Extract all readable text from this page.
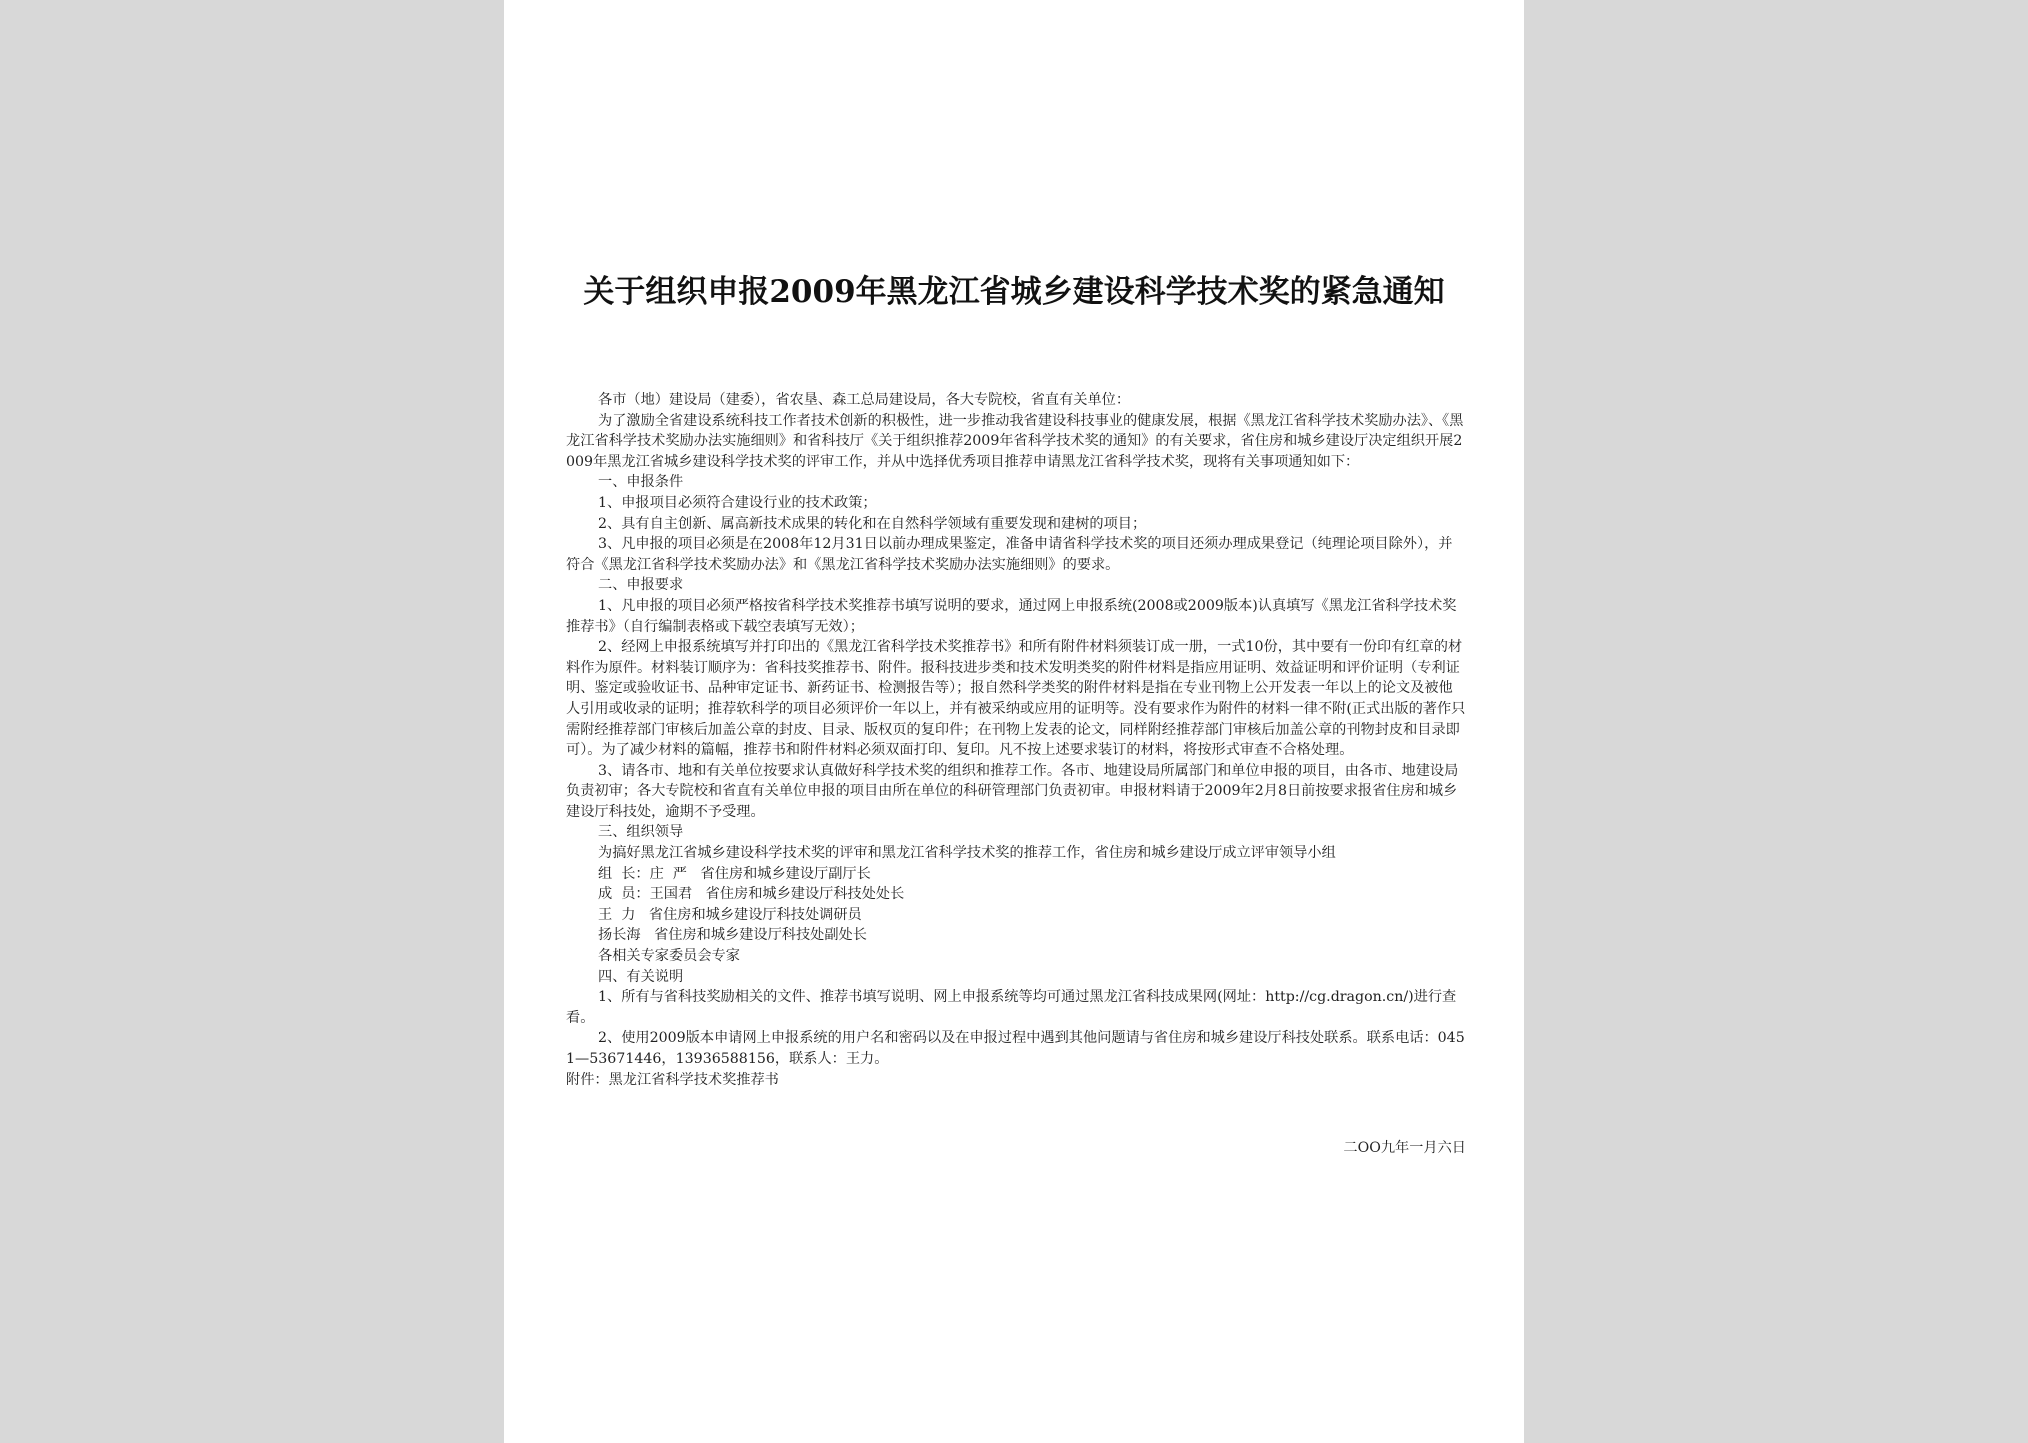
关于组织申报2009年黑龙江省城乡建设科学技术奖的紧急通知

各市（地）建设局（建委），省农垦、森工总局建设局，各大专院校，省直有关单位：

为了激励全省建设系统科技工作者技术创新的积极性，进一步推动我省建设科技事业的健康发展，根据《黑龙江省科学技术奖励办法》、《黑龙江省科学技术奖励办法实施细则》和省科技厅《关于组织推荐2009年省科学技术奖的通知》的有关要求，省住房和城乡建设厅决定组织开展2009年黑龙江省城乡建设科学技术奖的评审工作，并从中选择优秀项目推荐申请黑龙江省科学技术奖，现将有关事项通知如下：

一、申报条件

1、申报项目必须符合建设行业的技术政策；

2、具有自主创新、属高新技术成果的转化和在自然科学领域有重要发现和建树的项目；

3、凡申报的项目必须是在2008年12月31日以前办理成果鉴定，准备申请省科学技术奖的项目还须办理成果登记（纯理论项目除外），并符合《黑龙江省科学技术奖励办法》和《黑龙江省科学技术奖励办法实施细则》的要求。

二、申报要求

1、凡申报的项目必须严格按省科学技术奖推荐书填写说明的要求，通过网上申报系统(2008或2009版本)认真填写《黑龙江省科学技术奖推荐书》（自行编制表格或下载空表填写无效）；

2、经网上申报系统填写并打印出的《黑龙江省科学技术奖推荐书》和所有附件材料须装订成一册，一式10份，其中要有一份印有红章的材料作为原件。材料装订顺序为：省科技奖推荐书、附件。报科技进步类和技术发明类奖的附件材料是指应用证明、效益证明和评价证明（专利证明、鉴定或验收证书、品种审定证书、新药证书、检测报告等）；报自然科学类奖的附件材料是指在专业刊物上公开发表一年以上的论文及被他人引用或收录的证明；推荐软科学的项目必须评价一年以上，并有被采纳或应用的证明等。没有要求作为附件的材料一律不附(正式出版的著作只需附经推荐部门审核后加盖公章的封皮、目录、版权页的复印件；在刊物上发表的论文，同样附经推荐部门审核后加盖公章的刊物封皮和目录即可）。为了减少材料的篇幅，推荐书和附件材料必须双面打印、复印。凡不按上述要求装订的材料，将按形式审查不合格处理。

3、请各市、地和有关单位按要求认真做好科学技术奖的组织和推荐工作。各市、地建设局所属部门和单位申报的项目，由各市、地建设局负责初审；各大专院校和省直有关单位申报的项目由所在单位的科研管理部门负责初审。申报材料请于2009年2月8日前按要求报省住房和城乡建设厅科技处，逾期不予受理。

三、组织领导

为搞好黑龙江省城乡建设科学技术奖的评审和黑龙江省科学技术奖的推荐工作，省住房和城乡建设厅成立评审领导小组

组  长：庄  严   省住房和城乡建设厅副厅长

成  员：王国君   省住房和城乡建设厅科技处处长

王  力   省住房和城乡建设厅科技处调研员

扬长海   省住房和城乡建设厅科技处副处长

各相关专家委员会专家

四、有关说明

1、所有与省科技奖励相关的文件、推荐书填写说明、网上申报系统等均可通过黑龙江省科技成果网(网址：http://cg.dragon.cn/)进行查看。

2、使用2009版本申请网上申报系统的用户名和密码以及在申报过程中遇到其他问题请与省住房和城乡建设厅科技处联系。联系电话：0451—53671446，13936588156，联系人：王力。

附件：黑龙江省科学技术奖推荐书

二OO九年一月六日
